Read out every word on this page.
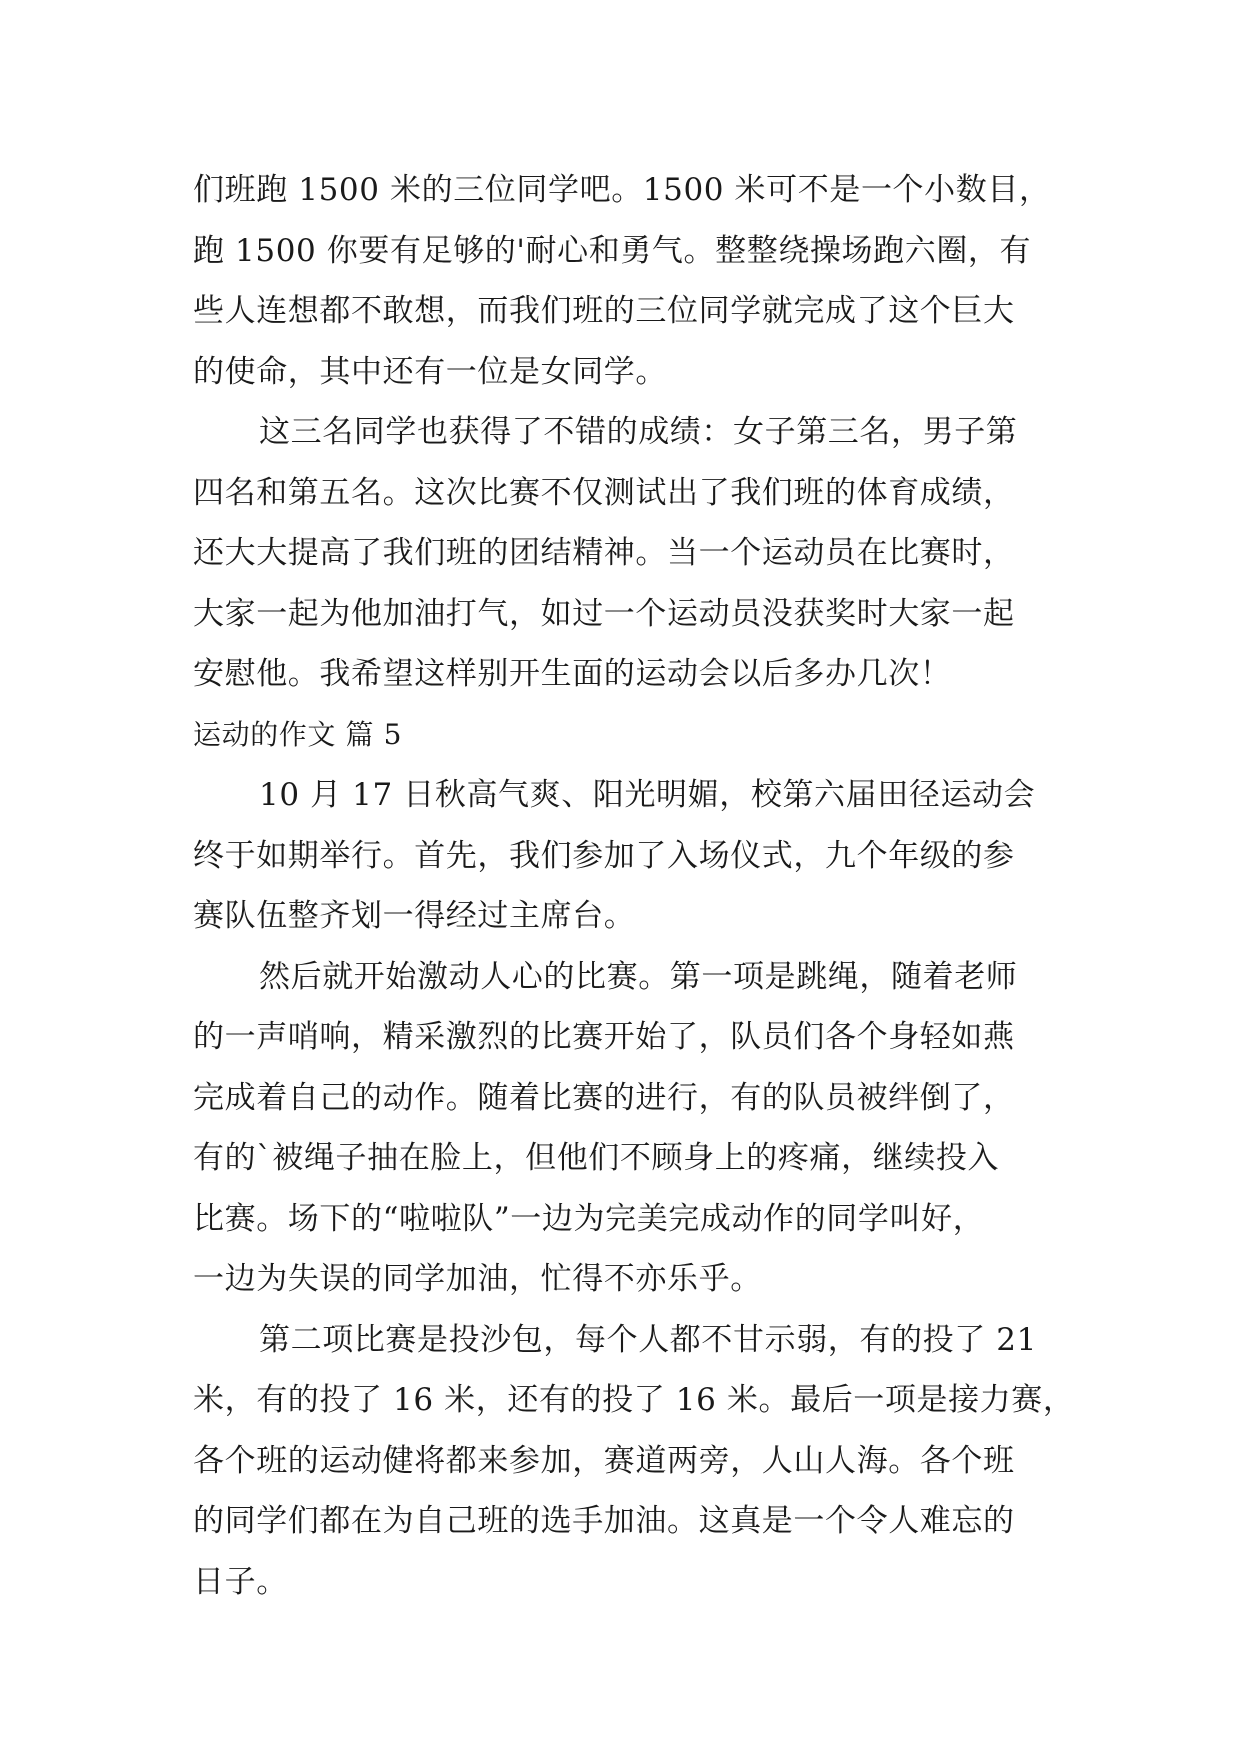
们班跑 1500 米的三位同学吧。1500 米可不是一个小数目，
跑 1500 你要有足够的'耐心和勇气。整整绕操场跑六圈，有
些人连想都不敢想，而我们班的三位同学就完成了这个巨大
的使命，其中还有一位是女同学。
这三名同学也获得了不错的成绩：女子第三名，男子第
四名和第五名。这次比赛不仅测试出了我们班的体育成绩，
还大大提高了我们班的团结精神。当一个运动员在比赛时，
大家一起为他加油打气，如过一个运动员没获奖时大家一起
安慰他。我希望这样别开生面的运动会以后多办几次！
运动的作文 篇 5
10 月 17 日秋高气爽、阳光明媚，校第六届田径运动会
终于如期举行。首先，我们参加了入场仪式，九个年级的参
赛队伍整齐划一得经过主席台。
然后就开始激动人心的比赛。第一项是跳绳，随着老师
的一声哨响，精采激烈的比赛开始了，队员们各个身轻如燕
完成着自己的动作。随着比赛的进行，有的队员被绊倒了，
有的`被绳子抽在脸上，但他们不顾身上的疼痛，继续投入
比赛。场下的“啦啦队”一边为完美完成动作的同学叫好，
一边为失误的同学加油，忙得不亦乐乎。
第二项比赛是投沙包，每个人都不甘示弱，有的投了 21
米，有的投了 16 米，还有的投了 16 米。最后一项是接力赛，
各个班的运动健将都来参加，赛道两旁，人山人海。各个班
的同学们都在为自己班的选手加油。这真是一个令人难忘的
日子。
